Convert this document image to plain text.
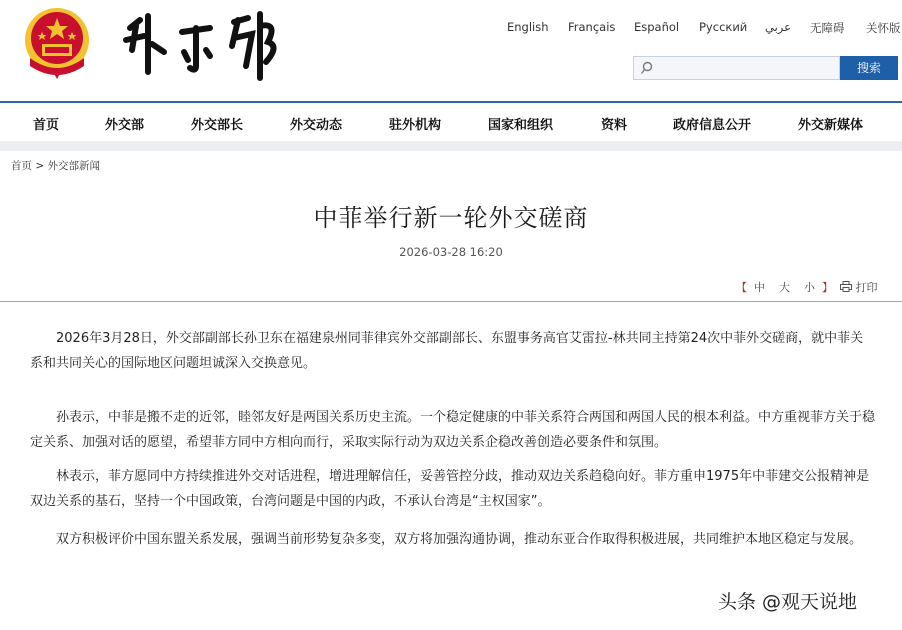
English Français Español Русский عربي 无障碍 关怀版
搜索
首页	外交部	外交部长	外交动态	驻外机构	国家和组织	资料	政府信息公开	外交新媒体
首页 > 外交部新闻
中菲举行新一轮外交磋商
2026-03-28 16:20
【 中 大 小 】	打印

2026年3月28日，外交部副部长孙卫东在福建泉州同菲律宾外交部副部长、东盟事务高官艾雷拉-林共同主持第24次中菲外交磋商，就中菲关系和共同关心的国际地区问题坦诚深入交换意见。

孙表示，中菲是搬不走的近邻，睦邻友好是两国关系历史主流。一个稳定健康的中菲关系符合两国和两国人民的根本利益。中方重视菲方关于稳定关系、加强对话的愿望，希望菲方同中方相向而行，采取实际行动为双边关系企稳改善创造必要条件和氛围。

林表示，菲方愿同中方持续推进外交对话进程，增进理解信任，妥善管控分歧，推动双边关系趋稳向好。菲方重申1975年中菲建交公报精神是双边关系的基石，坚持一个中国政策，台湾问题是中国的内政，不承认台湾是“主权国家”。

双方积极评价中国东盟关系发展，强调当前形势复杂多变，双方将加强沟通协调，推动东亚合作取得积极进展，共同维护本地区稳定与发展。

头条 @观天说地
